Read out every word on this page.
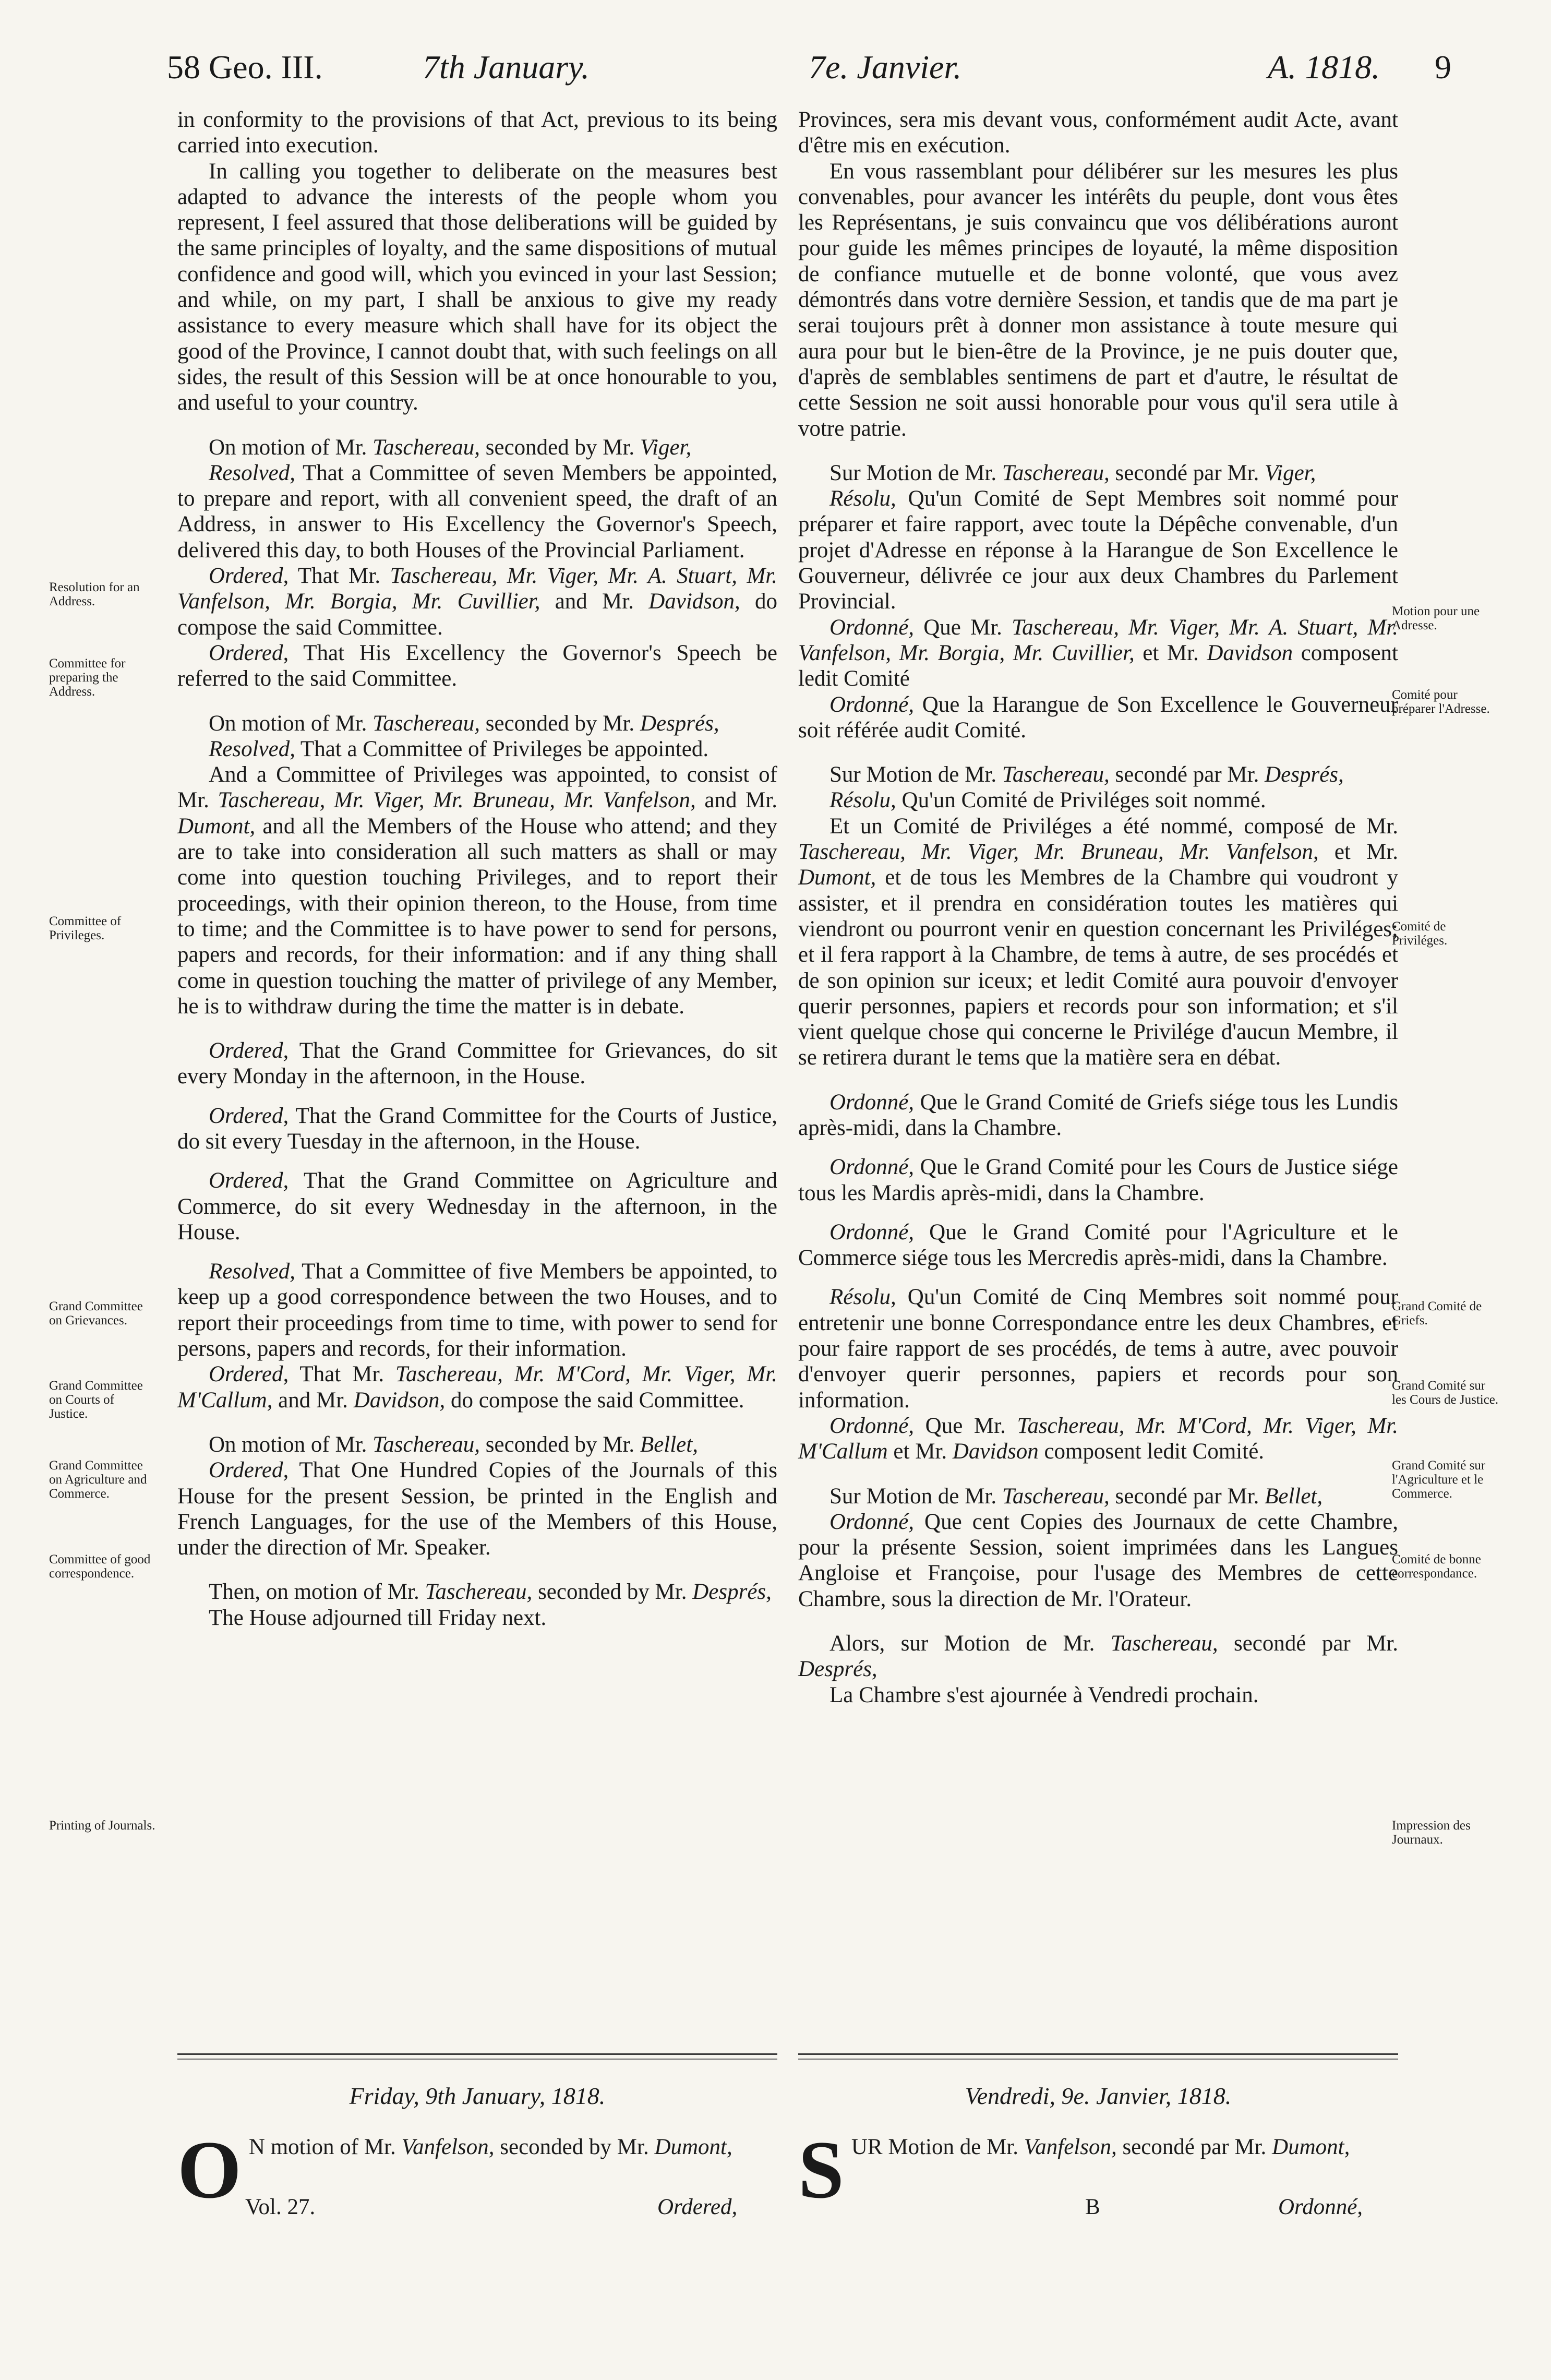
58 Geo. III.	7th January.	7e. Janvier.	A. 1818. 9

in conformity to the provisions of that Act, previous to its being carried into execution.

In calling you together to deliberate on the measures best adapted to advance the interests of the people whom you represent, I feel assured that those deliberations will be guided by the same principles of loyalty, and the same dispositions of mutual confidence and good will, which you evinced in your last Session; and while, on my part, I shall be anxious to give my ready assistance to every measure which shall have for its object the good of the Province, I cannot doubt that, with such feelings on all sides, the result of this Session will be at once honourable to you, and useful to your country.

On motion of Mr. Taschereau, seconded by Mr. Viger,

Resolved, That a Committee of seven Members be appointed, to prepare and report, with all convenient speed, the draft of an Address, in answer to His Excellency the Governor's Speech, delivered this day, to both Houses of the Provincial Parliament.

Ordered, That Mr. Taschereau, Mr. Viger, Mr. A. Stuart, Mr. Vanfelson, Mr. Borgia, Mr. Cuvillier, and Mr. Davidson, do compose the said Committee.

Ordered, That His Excellency the Governor's Speech be referred to the said Committee.

On motion of Mr. Taschereau, seconded by Mr. Després,

Resolved, That a Committee of Privileges be appointed.

And a Committee of Privileges was appointed, to consist of Mr. Taschereau, Mr. Viger, Mr. Bruneau, Mr. Vanfelson, and Mr. Dumont, and all the Members of the House who attend; and they are to take into consideration all such matters as shall or may come into question touching Privileges, and to report their proceedings, with their opinion thereon, to the House, from time to time; and the Committee is to have power to send for persons, papers and records, for their information: and if any thing shall come in question touching the matter of privilege of any Member, he is to withdraw during the time the matter is in debate.

Ordered, That the Grand Committee for Grievances, do sit every Monday in the afternoon, in the House.

Ordered, That the Grand Committee for the Courts of Justice, do sit every Tuesday in the afternoon, in the House.

Ordered, That the Grand Committee on Agriculture and Commerce, do sit every Wednesday in the afternoon, in the House.

Resolved, That a Committee of five Members be appointed, to keep up a good correspondence between the two Houses, and to report their proceedings from time to time, with power to send for persons, papers and records, for their information.

Ordered, That Mr. Taschereau, Mr. M'Cord, Mr. Viger, Mr. M'Callum, and Mr. Davidson, do compose the said Committee.

On motion of Mr. Taschereau, seconded by Mr. Bellet,

Ordered, That One Hundred Copies of the Journals of this House for the present Session, be printed in the English and French Languages, for the use of the Members of this House, under the direction of Mr. Speaker.

Then, on motion of Mr. Taschereau, seconded by Mr. Després,

The House adjourned till Friday next.

Provinces, sera mis devant vous, conformément audit Acte, avant d'être mis en exécution.

En vous rassemblant pour délibérer sur les mesures les plus convenables, pour avancer les intérêts du peuple, dont vous êtes les Représentans, je suis convaincu que vos délibérations auront pour guide les mêmes principes de loyauté, la même disposition de confiance mutuelle et de bonne volonté, que vous avez démontrés dans votre dernière Session, et tandis que de ma part je serai toujours prêt à donner mon assistance à toute mesure qui aura pour but le bien-être de la Province, je ne puis douter que, d'après de semblables sentimens de part et d'autre, le résultat de cette Session ne soit aussi honorable pour vous qu'il sera utile à votre patrie.

Sur Motion de Mr. Taschereau, secondé par Mr. Viger,

Résolu, Qu'un Comité de Sept Membres soit nommé pour préparer et faire rapport, avec toute la Dépêche convenable, d'un projet d'Adresse en réponse à la Harangue de Son Excellence le Gouverneur, délivrée ce jour aux deux Chambres du Parlement Provincial.

Ordonné, Que Mr. Taschereau, Mr. Viger, Mr. A. Stuart, Mr. Vanfelson, Mr. Borgia, Mr. Cuvillier, et Mr. Davidson composent ledit Comité

Ordonné, Que la Harangue de Son Excellence le Gouverneur soit référée audit Comité.

Sur Motion de Mr. Taschereau, secondé par Mr. Després,

Résolu, Qu'un Comité de Priviléges soit nommé.

Et un Comité de Priviléges a été nommé, composé de Mr. Taschereau, Mr. Viger, Mr. Bruneau, Mr. Vanfelson, et Mr. Dumont, et de tous les Membres de la Chambre qui voudront y assister, et il prendra en considération toutes les matières qui viendront ou pourront venir en question concernant les Priviléges; et il fera rapport à la Chambre, de tems à autre, de ses procédés et de son opinion sur iceux; et ledit Comité aura pouvoir d'envoyer querir personnes, papiers et records pour son information; et s'il vient quelque chose qui concerne le Privilége d'aucun Membre, il se retirera durant le tems que la matière sera en débat.

Ordonné, Que le Grand Comité de Griefs siége tous les Lundis après-midi, dans la Chambre.

Ordonné, Que le Grand Comité pour les Cours de Justice siége tous les Mardis après-midi, dans la Chambre.

Ordonné, Que le Grand Comité pour l'Agriculture et le Commerce siége tous les Mercredis après-midi, dans la Chambre.

Résolu, Qu'un Comité de Cinq Membres soit nommé pour entretenir une bonne Correspondance entre les deux Chambres, et pour faire rapport de ses procédés, de tems à autre, avec pouvoir d'envoyer querir personnes, papiers et records pour son information.

Ordonné, Que Mr. Taschereau, Mr. M'Cord, Mr. Viger, Mr. M'Callum et Mr. Davidson composent ledit Comité.

Sur Motion de Mr. Taschereau, secondé par Mr. Bellet,

Ordonné, Que cent Copies des Journaux de cette Chambre, pour la présente Session, soient imprimées dans les Langues Angloise et Françoise, pour l'usage des Membres de cette Chambre, sous la direction de Mr. l'Orateur.

Alors, sur Motion de Mr. Taschereau, secondé par Mr. Després,

La Chambre s'est ajournée à Vendredi prochain.

Resolution for an Address.
Committee for preparing the Address.
Committee of Privileges.
Grand Committee on Grievances.
Grand Committee on Courts of Justice.
Grand Committee on Agriculture and Commerce.
Committee of good correspondence.
Printing of Journals.
Motion pour une Adresse.
Comité pour préparer l'Adresse.
Comité de Priviléges.
Grand Comité de Griefs.
Grand Comité sur les Cours de Justice.
Grand Comité sur l'Agriculture et le Commerce.
Comité de bonne correspondance.
Impression des Journaux.
Friday, 9th January, 1818.	Vendredi, 9e. Janvier, 1818.
O N motion of Mr. Vanfelson, seconded by Mr. Dumont, SUR Motion de Mr. Vanfelson, secondé par Mr. Dumont,
Vol. 27.	Ordered,	B	Ordonné,
